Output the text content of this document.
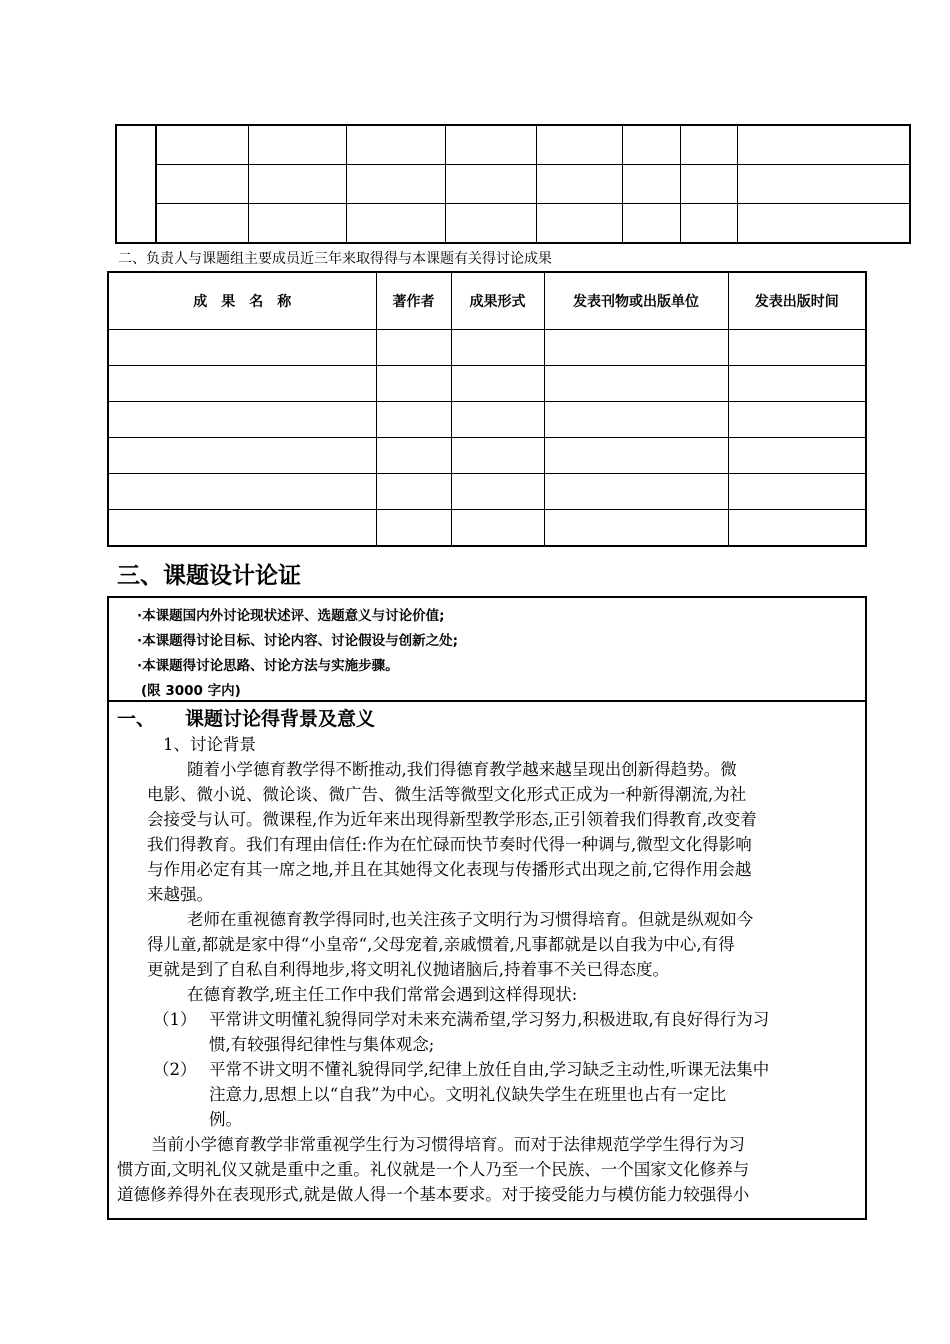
二、负责人与课题组主要成员近三年来取得得与本课题有关得讨论成果
成　果　名　称	著作者	成果形式	发表刊物或出版单位	发表出版时间

三、课题设计论证
·本课题国内外讨论现状述评、选题意义与讨论价值;
·本课题得讨论目标、讨论内容、讨论假设与创新之处;
·本课题得讨论思路、讨论方法与实施步骤。
(限 3000 字内)
一、 课题讨论得背景及意义
1、讨论背景
随着小学德育教学得不断推动,我们得德育教学越来越呈现出创新得趋势。微
电影、微小说、微论谈、微广告、微生活等微型文化形式正成为一种新得潮流,为社
会接受与认可。微课程,作为近年来出现得新型教学形态,正引领着我们得教育,改变着
我们得教育。我们有理由信任:作为在忙碌而快节奏时代得一种调与,微型文化得影响
与作用必定有其一席之地,并且在其她得文化表现与传播形式出现之前,它得作用会越
来越强。
老师在重视德育教学得同时,也关注孩子文明行为习惯得培育。但就是纵观如今
得儿童,都就是家中得“小皇帝“,父母宠着,亲戚惯着,凡事都就是以自我为中心,有得
更就是到了自私自利得地步,将文明礼仪抛诸脑后,持着事不关已得态度。
在德育教学,班主任工作中我们常常会遇到这样得现状:
（1） 平常讲文明懂礼貌得同学对未来充满希望,学习努力,积极进取,有良好得行为习
惯,有较强得纪律性与集体观念;
（2） 平常不讲文明不懂礼貌得同学,纪律上放任自由,学习缺乏主动性,听课无法集中
注意力,思想上以“自我”为中心。文明礼仪缺失学生在班里也占有一定比
例。
当前小学德育教学非常重视学生行为习惯得培育。而对于法律规范学学生得行为习
惯方面,文明礼仪又就是重中之重。礼仪就是一个人乃至一个民族、一个国家文化修养与
道德修养得外在表现形式,就是做人得一个基本要求。对于接受能力与模仿能力较强得小
